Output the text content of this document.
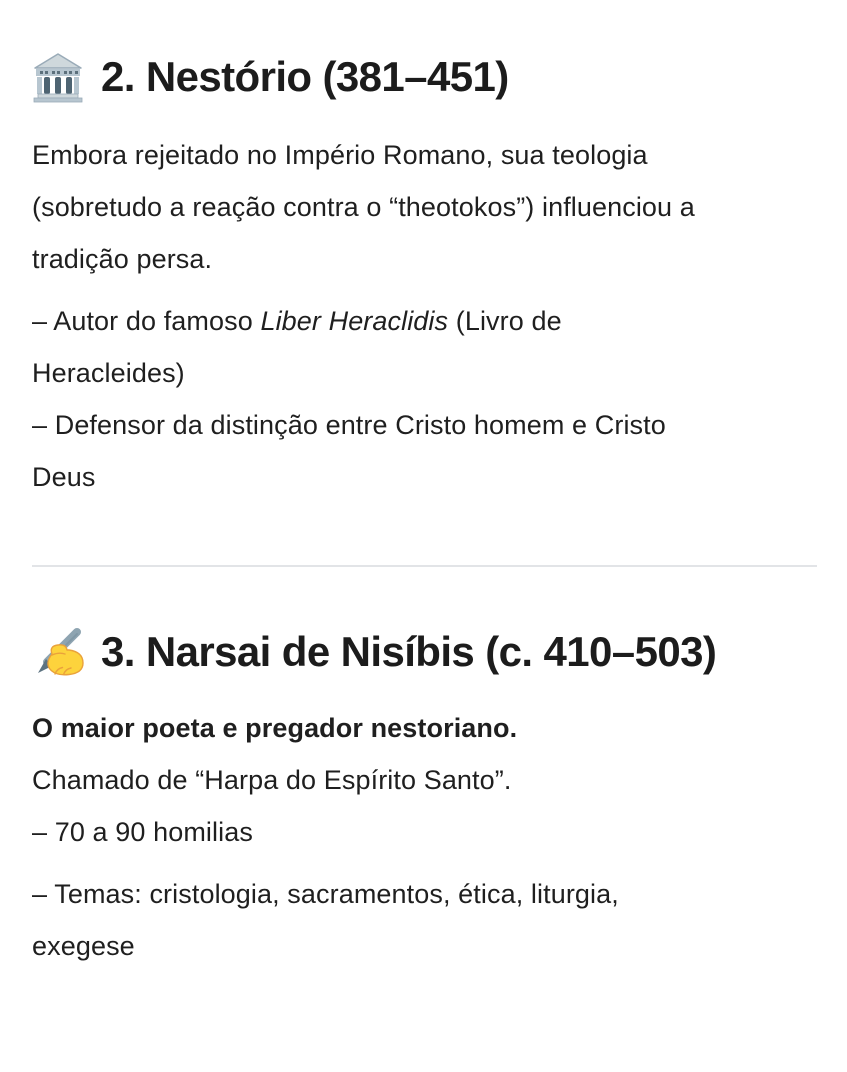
2. Nestório (381–451)
Embora rejeitado no Império Romano, sua teologia
(sobretudo a reação contra o “theotokos”) influenciou a
tradição persa.
– Autor do famoso Liber Heraclidis (Livro de
Heracleides)
– Defensor da distinção entre Cristo homem e Cristo
Deus
3. Narsai de Nisíbis (c. 410–503)
O maior poeta e pregador nestoriano.
Chamado de “Harpa do Espírito Santo”.
– 70 a 90 homilias
– Temas: cristologia, sacramentos, ética, liturgia,
exegese
